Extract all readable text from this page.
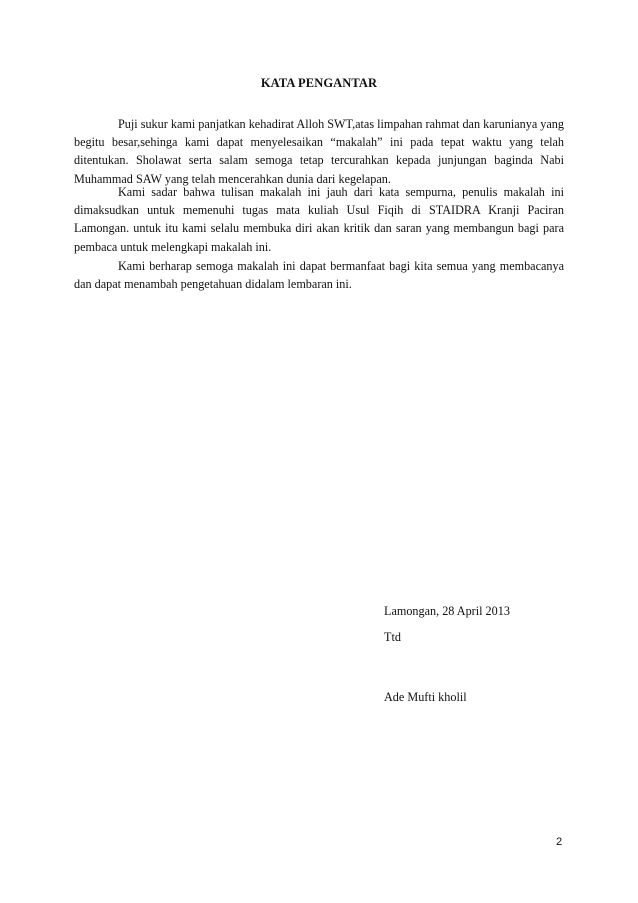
KATA PENGANTAR

Puji sukur kami panjatkan kehadirat Alloh SWT,atas limpahan rahmat dan karunianya yang begitu besar,sehinga kami dapat menyelesaikan “makalah” ini pada tepat waktu yang telah ditentukan. Sholawat serta salam semoga tetap tercurahkan kepada junjungan baginda Nabi Muhammad SAW yang telah mencerahkan dunia dari kegelapan.

Kami sadar bahwa tulisan makalah ini jauh dari kata sempurna, penulis makalah ini dimaksudkan untuk memenuhi tugas mata kuliah Usul Fiqih di STAIDRA Kranji Paciran Lamongan. untuk itu kami selalu membuka diri akan kritik dan saran yang membangun bagi para pembaca untuk melengkapi makalah ini.

Kami berharap semoga makalah ini dapat bermanfaat bagi kita semua yang membacanya dan dapat menambah pengetahuan didalam lembaran ini.

Lamongan, 28 April 2013
Ttd
Ade Mufti kholil
2
